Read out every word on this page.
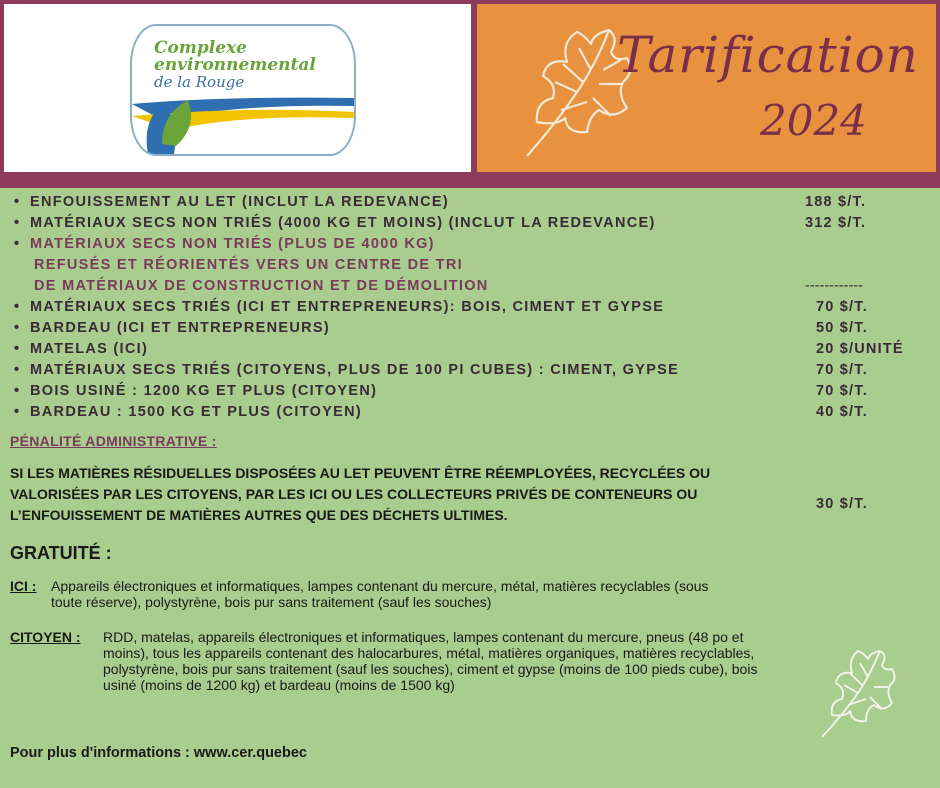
Complexe
environnemental
de la Rouge	Tarification
2024
• ENFOUISSEMENT AU LET (INCLUT LA REDEVANCE)
• MATÉRIAUX SECS NON TRIÉS (4000 KG ET MOINS) (INCLUT LA REDEVANCE)
• MATÉRIAUX SECS NON TRIÉS (PLUS DE 4000 KG)
REFUSÉS ET RÉORIENTÉS VERS UN CENTRE DE TRI
DE MATÉRIAUX DE CONSTRUCTION ET DE DÉMOLITION
• MATÉRIAUX SECS TRIÉS (ICI ET ENTREPRENEURS): BOIS, CIMENT ET GYPSE
• BARDEAU (ICI ET ENTREPRENEURS)
• MATELAS (ICI)
• MATÉRIAUX SECS TRIÉS (CITOYENS, PLUS DE 100 PI CUBES) : CIMENT, GYPSE
• BOIS USINÉ : 1200 KG ET PLUS (CITOYEN)
• BARDEAU : 1500 KG ET PLUS (CITOYEN)
188 $/T.
312 $/T.
------------
70 $/T.
50 $/T.
20 $/UNITÉ
70 $/T.
70 $/T.
40 $/T.
PÉNALITÉ ADMINISTRATIVE :
SI LES MATIÈRES RÉSIDUELLES DISPOSÉES AU LET PEUVENT ÊTRE RÉEMPLOYÉES, RECYCLÉES OU VALORISÉES PAR LES CITOYENS, PAR LES ICI OU LES COLLECTEURS PRIVÉS DE CONTENEURS OU L’ENFOUISSEMENT DE MATIÈRES AUTRES QUE DES DÉCHETS ULTIMES.
30 $/T.
GRATUITÉ :
ICI : Appareils électroniques et informatiques, lampes contenant du mercure, métal, matières recyclables (sous toute réserve), polystyrène, bois pur sans traitement (sauf les souches)
CITOYEN : RDD, matelas, appareils électroniques et informatiques, lampes contenant du mercure, pneus (48 po et moins), tous les appareils contenant des halocarbures, métal, matières organiques, matières recyclables, polystyrène, bois pur sans traitement (sauf les souches), ciment et gypse (moins de 100 pieds cube), bois usiné (moins de 1200 kg) et bardeau (moins de 1500 kg)
Pour plus d'informations : www.cer.quebec
